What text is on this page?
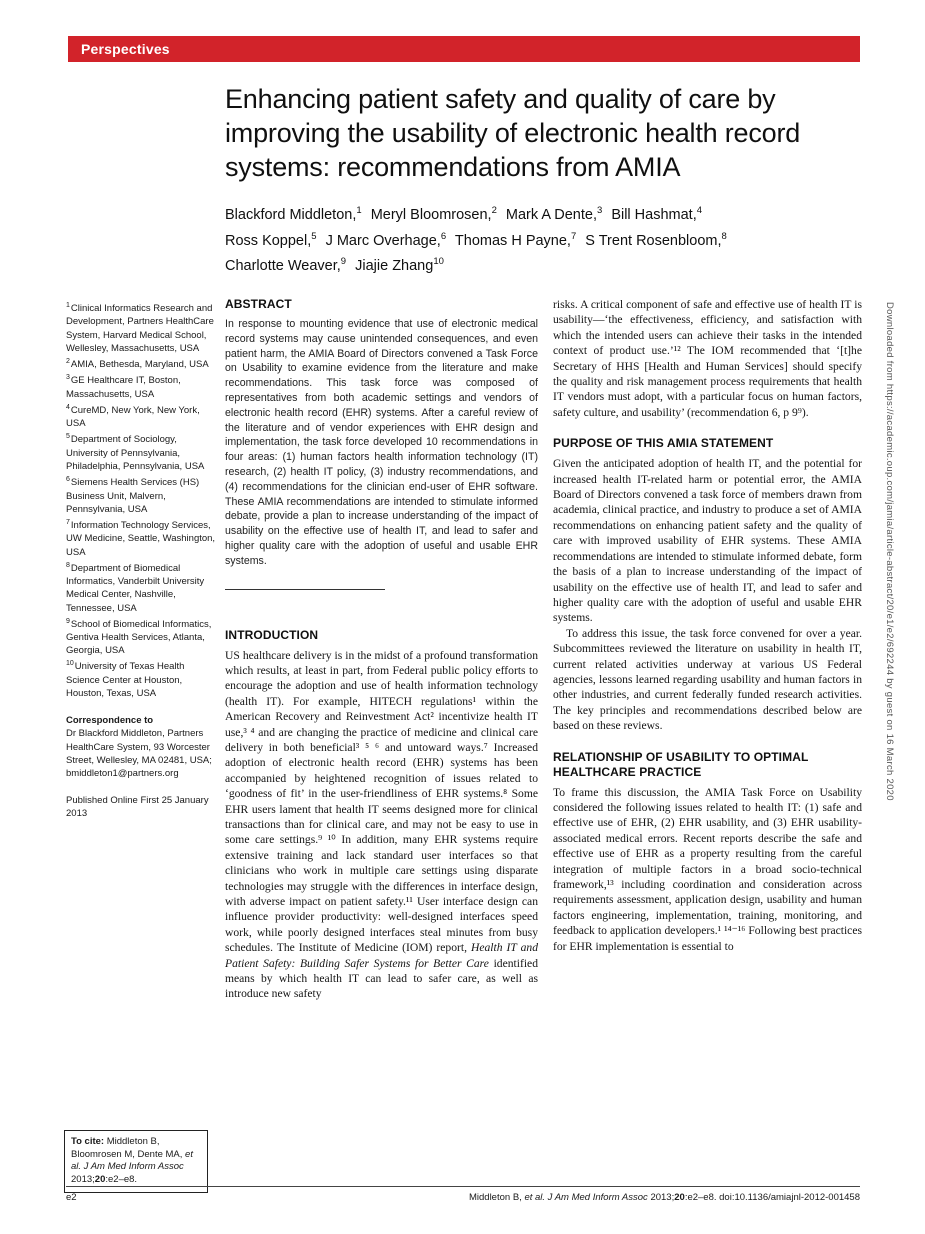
Perspectives
Enhancing patient safety and quality of care by improving the usability of electronic health record systems: recommendations from AMIA
Blackford Middleton,$^1$ Meryl Bloomrosen,$^2$ Mark A Dente,$^3$ Bill Hashmat,$^4$
Ross Koppel,$^5$ J Marc Overhage,$^6$ Thomas H Payne,$^7$ S Trent Rosenbloom,$^8$
Charlotte Weaver,$^9$ Jiajie Zhang$^{10}$

$^1$Clinical Informatics Research and Development, Partners HealthCare System, Harvard Medical School, Wellesley, Massachusetts, USA

$^2$AMIA, Bethesda, Maryland, USA

$^3$GE Healthcare IT, Boston, Massachusetts, USA

$^4$CureMD, New York, New York, USA

$^5$Department of Sociology, University of Pennsylvania, Philadelphia, Pennsylvania, USA

$^6$Siemens Health Services (HS) Business Unit, Malvern, Pennsylvania, USA

$^7$Information Technology Services, UW Medicine, Seattle, Washington, USA

$^8$Department of Biomedical Informatics, Vanderbilt University Medical Center, Nashville, Tennessee, USA

$^9$School of Biomedical Informatics, Gentiva Health Services, Atlanta, Georgia, USA

$^{10}$University of Texas Health Science Center at Houston, Houston, Texas, USA

Correspondence to
Dr Blackford Middleton, Partners HealthCare System, 93 Worcester Street, Wellesley, MA 02481, USA;
bmiddleton1@partners.org
Published Online First 25 January 2013
To cite: Middleton B, Bloomrosen M, Dente MA, et al. J Am Med Inform Assoc 2013;20:e2–e8.
ABSTRACT

In response to mounting evidence that use of electronic medical record systems may cause unintended consequences, and even patient harm, the AMIA Board of Directors convened a Task Force on Usability to examine evidence from the literature and make recommendations. This task force was composed of representatives from both academic settings and vendors of electronic health record (EHR) systems. After a careful review of the literature and of vendor experiences with EHR design and implementation, the task force developed 10 recommendations in four areas: (1) human factors health information technology (IT) research, (2) health IT policy, (3) industry recommendations, and (4) recommendations for the clinician end-user of EHR software. These AMIA recommendations are intended to stimulate informed debate, provide a plan to increase understanding of the impact of usability on the effective use of health IT, and lead to safer and higher quality care with the adoption of useful and usable EHR systems.

INTRODUCTION

US healthcare delivery is in the midst of a profound transformation which results, at least in part, from Federal public policy efforts to encourage the adoption and use of health information technology (health IT). For example, HITECH regulations¹ within the American Recovery and Reinvestment Act² incentivize health IT use,³ ⁴ and are changing the practice of medicine and clinical care delivery in both beneficial³ ⁵ ⁶ and untoward ways.⁷ Increased adoption of electronic health record (EHR) systems has been accompanied by heightened recognition of issues related to ‘goodness of fit’ in the user-friendliness of EHR systems.⁸ Some EHR users lament that health IT seems designed more for clinical transactions than for clinical care, and may not be easy to use in some care settings.⁹ ¹⁰ In addition, many EHR systems require extensive training and lack standard user interfaces so that clinicians who work in multiple care settings using disparate technologies may struggle with the differences in interface design, with adverse impact on patient safety.¹¹ User interface design can influence provider productivity: well-designed interfaces speed work, while poorly designed interfaces steal minutes from busy schedules. The Institute of Medicine (IOM) report, Health IT and Patient Safety: Building Safer Systems for Better Care identified means by which health IT can lead to safer care, as well as introduce new safety

risks. A critical component of safe and effective use of health IT is usability—‘the effectiveness, efficiency, and satisfaction with which the intended users can achieve their tasks in the intended context of product use.’¹² The IOM recommended that ‘[t]he Secretary of HHS [Health and Human Services] should specify the quality and risk management process requirements that health IT vendors must adopt, with a particular focus on human factors, safety culture, and usability’ (recommendation 6, p 9⁹).

PURPOSE OF THIS AMIA STATEMENT

Given the anticipated adoption of health IT, and the potential for increased health IT-related harm or potential error, the AMIA Board of Directors convened a task force of members drawn from academia, clinical practice, and industry to produce a set of AMIA recommendations on enhancing patient safety and the quality of care with improved usability of EHR systems. These AMIA recommendations are intended to stimulate informed debate, form the basis of a plan to increase understanding of the impact of usability on the effective use of health IT, and lead to safer and higher quality care with the adoption of useful and usable EHR systems.

To address this issue, the task force convened for over a year. Subcommittees reviewed the literature on usability in health IT, current related activities underway at various US Federal agencies, lessons learned regarding usability and human factors in other industries, and current federally funded research activities. The key principles and recommendations described below are based on these reviews.

RELATIONSHIP OF USABILITY TO OPTIMAL HEALTHCARE PRACTICE

To frame this discussion, the AMIA Task Force on Usability considered the following issues related to health IT: (1) safe and effective use of EHR, (2) EHR usability, and (3) EHR usability-associated medical errors. Recent reports describe the safe and effective use of EHR as a property resulting from the careful integration of multiple factors in a broad socio-technical framework,¹³ including coordination and consideration across requirements assessment, application design, usability and human factors engineering, implementation, training, monitoring, and feedback to application developers.¹ ¹⁴⁻¹⁶ Following best practices for EHR implementation is essential to

Downloaded from https://academic.oup.com/jamia/article-abstract/20/e1/e2/692244 by guest on 16 March 2020
e2	Middleton B, et al. J Am Med Inform Assoc 2013;20:e2–e8. doi:10.1136/amiajnl-2012-001458
